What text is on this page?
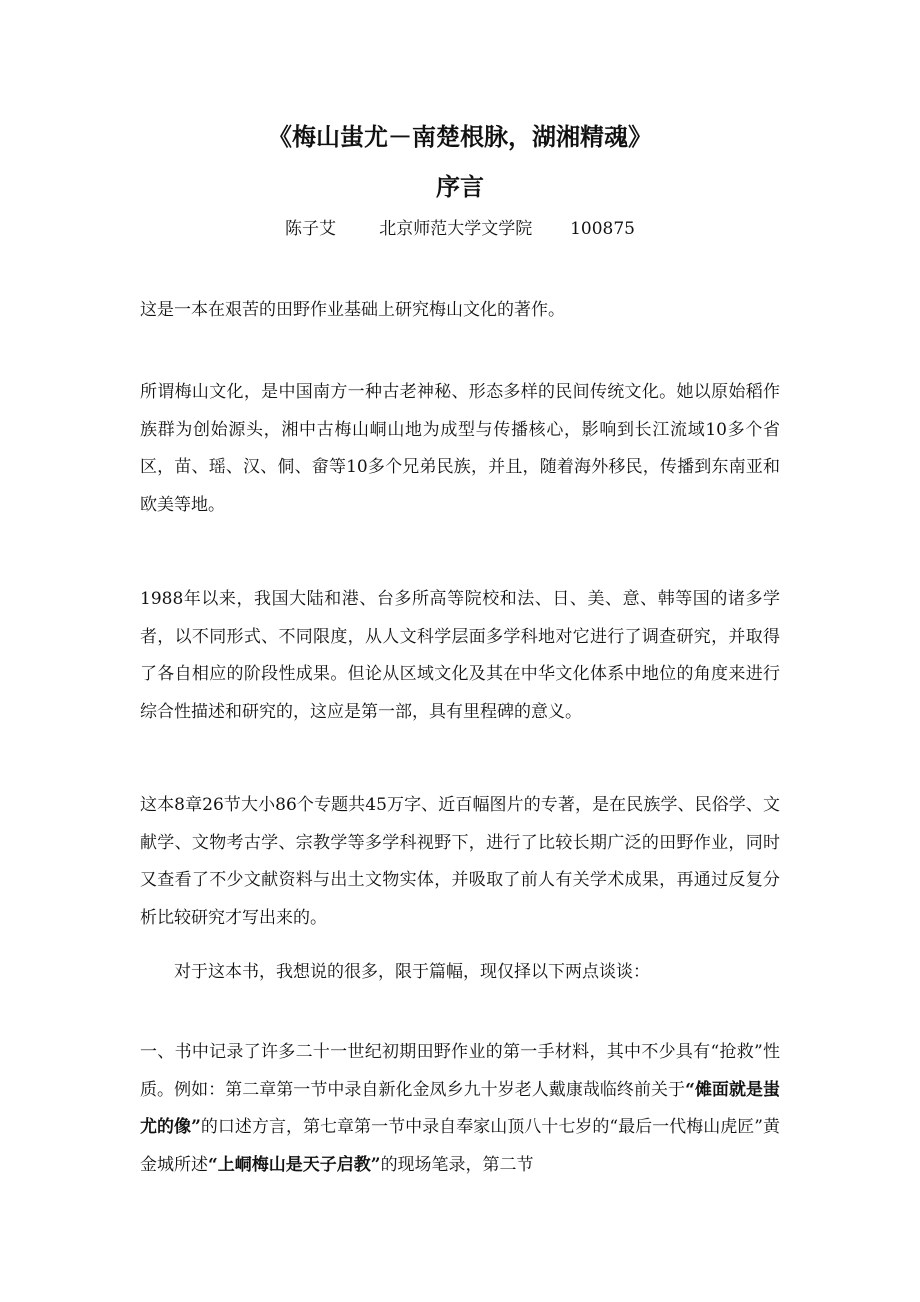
《梅山蚩尤－南楚根脉，湖湘精魂》
序言
陈子艾	北京师范大学文学院 100875

这是一本在艰苦的田野作业基础上研究梅山文化的著作。

所谓梅山文化，是中国南方一种古老神秘、形态多样的民间传统文化。她以原始稻作族群为创始源头，湘中古梅山峒山地为成型与传播核心，影响到长江流域10多个省区，苗、瑶、汉、侗、畲等10多个兄弟民族，并且，随着海外移民，传播到东南亚和欧美等地。

1988年以来，我国大陆和港、台多所高等院校和法、日、美、意、韩等国的诸多学者，以不同形式、不同限度，从人文科学层面多学科地对它进行了调查研究，并取得了各自相应的阶段性成果。但论从区域文化及其在中华文化体系中地位的角度来进行综合性描述和研究的，这应是第一部，具有里程碑的意义。

这本8章26节大小86个专题共45万字、近百幅图片的专著，是在民族学、民俗学、文献学、文物考古学、宗教学等多学科视野下，进行了比较长期广泛的田野作业，同时又查看了不少文献资料与出土文物实体，并吸取了前人有关学术成果，再通过反复分析比较研究才写出来的。

对于这本书，我想说的很多，限于篇幅，现仅择以下两点谈谈：

一、书中记录了许多二十一世纪初期田野作业的第一手材料，其中不少具有“抢救”性质。例如：第二章第一节中录自新化金凤乡九十岁老人戴康哉临终前关于“傩面就是蚩尤的像”的口述方言，第七章第一节中录自奉家山顶八十七岁的“最后一代梅山虎匠”黄金城所述“上峒梅山是天子启教”的现场笔录，第二节
